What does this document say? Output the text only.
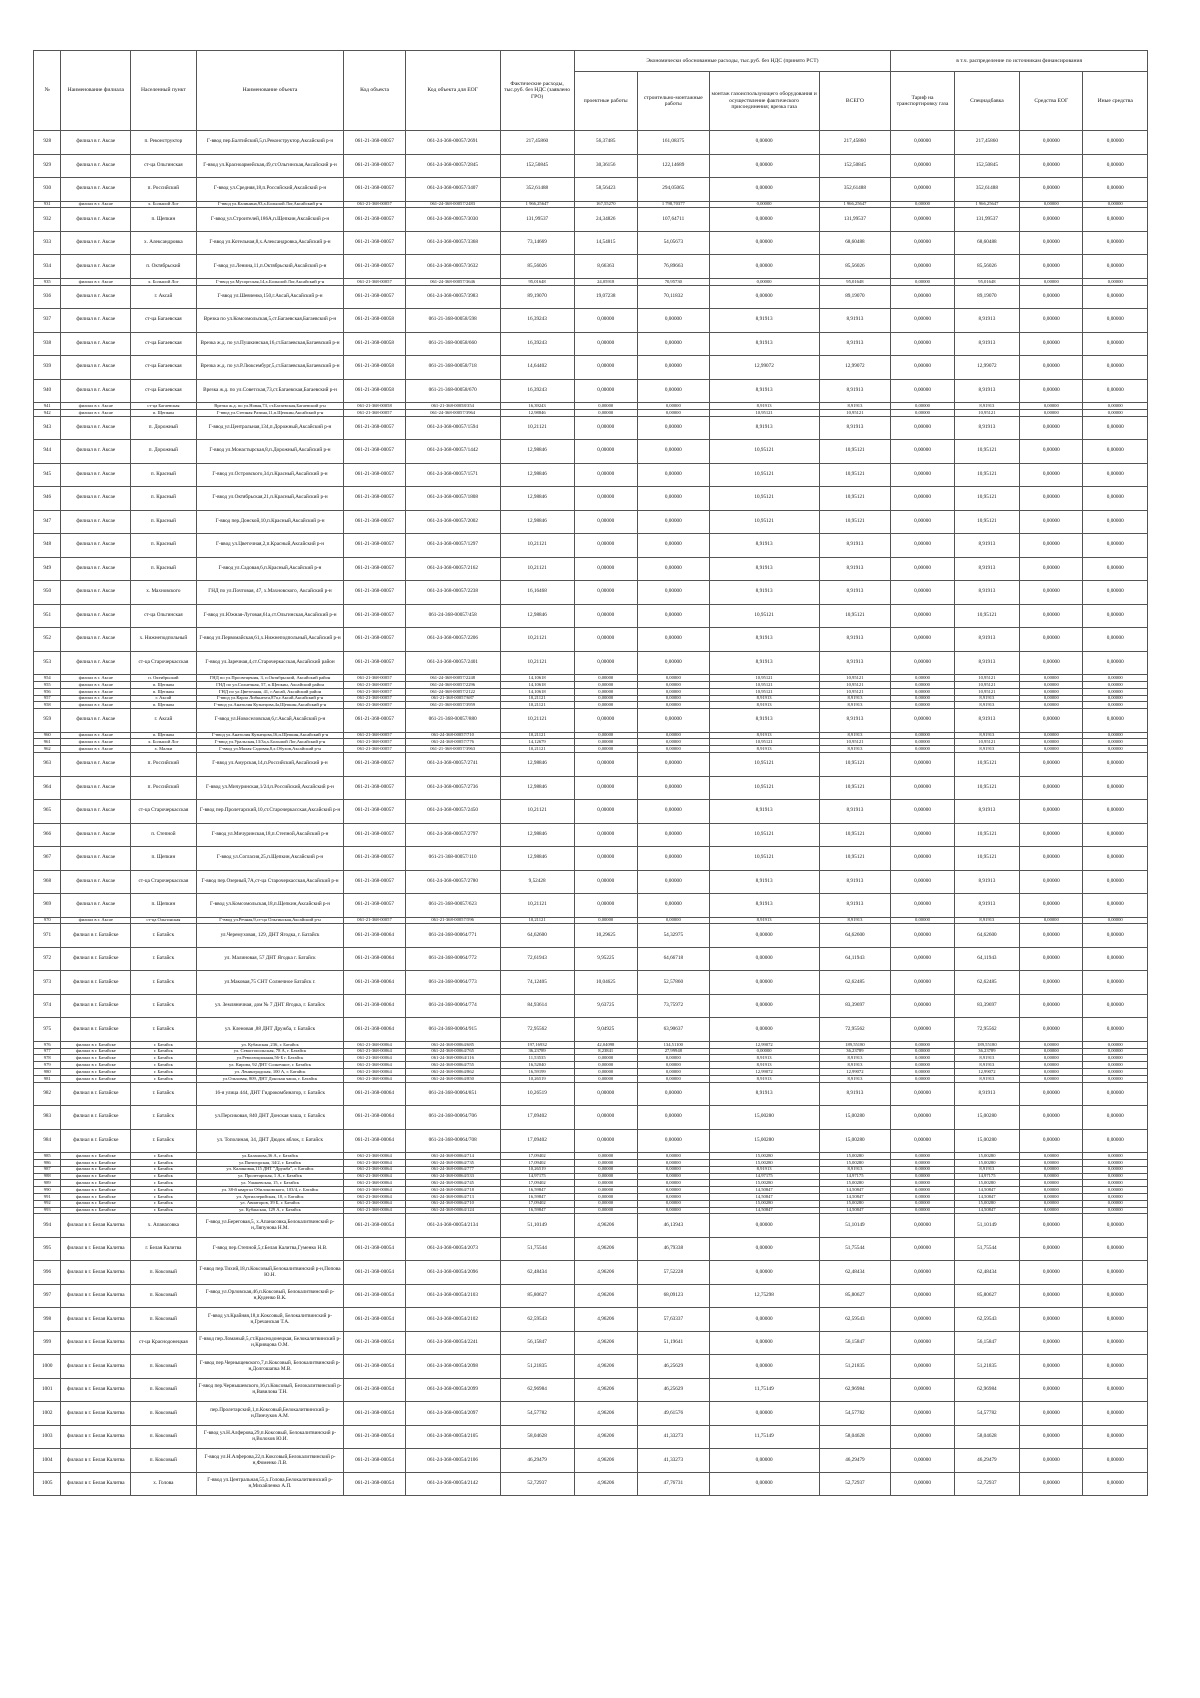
№	Наименование филиала	Населенный пункт	Наименование объекта	Код объекта	Код объекта для ЕОГ	Фактические расходы, тыс.руб. без НДС (заявлено ГРО)	Экономически обоснованные расходы, тыс.руб. без НДС (принято РСТ)				в т.ч. распределение по источникам финансирования			
							проектные работы	строительно-монтажные работы	монтаж газоиспользующего оборудования и осуществление фактического присоединения; врезка газа	ВСЕГО	Тариф на транспортировку газа	Спецнадбавка	Средства ЕОГ	Иные средства
928	филиал в г. Аксае	п. Реконструктор	Г-ввод пер.Балтийский,5,п.Реконструктор,Аксайский р-н	061-21-368-00057	061-24-368-00057/2691	217,45860	56,37485	161,08375	0,00000	217,45860	0,00000	217,45860	0,00000	0,00000
929	филиал в г. Аксае	ст-ца Ольгинская	Г-ввод ул.Красноармейская,49,ст.Ольгинская,Аксайский р-н	061-21-368-00057	061-24-368-00057/2845	152,50845	30,36156	122,14689	0,00000	152,50845	0,00000	152,50845	0,00000	0,00000
930	филиал в г. Аксае	п. Российский	Г-ввод ул.Средняя,18,п.Российский,Аксайский р-н	061-21-368-00057	061-24-368-00057/3407	352,61488	58,56423	294,05065	0,00000	352,61488	0,00000	352,61488	0,00000	0,00000
931	филиал в г. Аксае	х. Большой Лог	Г-ввод ул.Калинина,93,х.Большой Лог,Аксайский р-н	061-21-368-00057	061-24-368-00057/2483	1 966,25647	167,55270	1 798,70377	0,00000	1 966,25647	0,00000	1 966,25647	0,00000	0,00000
932	филиал в г. Аксае	п. Щепкин	Г-ввод ул.Строителей,186А,п.Щепкин,Аксайский р-н	061-21-368-00057	061-24-368-00057/3030	131,99537	24,34826	107,64711	0,00000	131,99537	0,00000	131,99537	0,00000	0,00000
933	филиал в г. Аксае	х. Александровка	Г-ввод ул.Котельная,8,х.Александровка,Аксайский р-н	061-21-368-00057	061-24-368-00057/3368	73,14669	14,54815	54,05673	0,00000	68,60488	0,00000	68,60488	0,00000	0,00000
934	филиал в г. Аксае	п. Октябрьский	Г-ввод ул.Ленина,11,п.Октябрьский,Аксайский р-н	061-21-368-00057	061-24-368-00057/3632	85,56026	8,66363	76,89663	0,00000	85,56026	0,00000	85,56026	0,00000	0,00000
935	филиал в г. Аксае	х. Большой Лог	Г-ввод ул.Мусоргская,14,х.Большой Лог,Аксайский р-н	061-21-368-00057	061-24-368-00057/3646	95,01648	24,05918	70,95730	0,00000	95,01648	0,00000	95,01648	0,00000	0,00000
936	филиал в г. Аксае	г. Аксай	Г-ввод ул.Шевченко,150,г.Аксай,Аксайский р-н	061-21-368-00057	061-24-368-00057/3983	89,19070	19,07238	70,11832	0,00000	89,19070	0,00000	89,19070	0,00000	0,00000
937	филиал в г. Аксае	ст-ца Багаевская	Врезка по ул.Комсомольская,5,ст.Багаевская,Багаевский р-н	061-21-368-00058	061-21-368-00058/598	16,39243	0,00000	0,00000	8,91913	8,91913	0,00000	8,91913	0,00000	0,00000
938	филиал в г. Аксае	ст-ца Багаевская	Врезка ж.д. по ул.Пушкинская,16,ст.Багаевская,Багаевский р-н	061-21-368-00058	061-21-368-00058/660	16,39243	0,00000	0,00000	8,91913	8,91913	0,00000	8,91913	0,00000	0,00000
939	филиал в г. Аксае	ст-ца Багаевская	Врезка ж.д. по ул.Р.Люксембург,5,ст.Багаевская,Багаевский р-н	061-21-368-00058	061-21-368-00058/718	14,64402	0,00000	0,00000	12,99072	12,99072	0,00000	12,99072	0,00000	0,00000
940	филиал в г. Аксае	ст-ца Багаевская	Врезка ж.д. по ул.Советская,73,ст.Багаевская,Багаевский р-н	061-21-368-00058	061-21-368-00058/670	16,39243	0,00000	0,00000	8,91913	8,91913	0,00000	8,91913	0,00000	0,00000
941	филиал в г. Аксае	ст-ца Багаевская	Врезка ж.д. по ул.Новая,73, ст.Багаевская,Багаевский р-н	061-21-368-00058	061-21-368-00058/354	16,39243	0,00000	0,00000	8,91913	8,91913	0,00000	8,91913	0,00000	0,00000
942	филиал в г. Аксае	п. Щепкин	Г-ввод ул.Степная Разина,11,п.Щепкин,Аксайский р-н	061-21-368-00057	061-24-368-00057/3964	12,98846	0,00000	0,00000	10,95121	10,95121	0,00000	10,95121	0,00000	0,00000
943	филиал в г. Аксае	п. Дорожный	Г-ввод ул.Центральная,134,п.Дорожный,Аксайский р-н	061-21-368-00057	061-24-368-00057/1594	10,21121	0,00000	0,00000	8,91913	8,91913	0,00000	8,91913	0,00000	0,00000
944	филиал в г. Аксае	п. Дорожный	Г-ввод ул.Монастырская,8,п.Дорожный,Аксайский р-н	061-21-368-00057	061-24-368-00057/1442	12,98846	0,00000	0,00000	10,95121	10,95121	0,00000	10,95121	0,00000	0,00000
945	филиал в г. Аксае	п. Красный	Г-ввод ул.Островского,34,п.Красный,Аксайский р-н	061-21-368-00057	061-24-368-00057/1571	12,98846	0,00000	0,00000	10,95121	10,95121	0,00000	10,95121	0,00000	0,00000
946	филиал в г. Аксае	п. Красный	Г-ввод ул.Октябрьская,21,п.Красный,Аксайский р-н	061-21-368-00057	061-24-368-00057/1808	12,98846	0,00000	0,00000	10,95121	10,95121	0,00000	10,95121	0,00000	0,00000
947	филиал в г. Аксае	п. Красный	Г-ввод пер.Донской,10,п.Красный,Аксайский р-н	061-21-368-00057	061-24-368-00057/2002	12,98846	0,00000	0,00000	10,95121	10,95121	0,00000	10,95121	0,00000	0,00000
948	филиал в г. Аксае	п. Красный	Г-ввод ул.Цветочная,2,п.Красный,Аксайский р-н	061-21-368-00057	061-24-368-00057/1297	10,21121	0,00000	0,00000	8,91913	8,91913	0,00000	8,91913	0,00000	0,00000
949	филиал в г. Аксае	п. Красный	Г-ввод ул.Садовая,6,п.Красный,Аксайский р-н	061-21-368-00057	061-24-368-00057/2162	10,21121	0,00000	0,00000	8,91913	8,91913	0,00000	8,91913	0,00000	0,00000
950	филиал в г. Аксае	х. Махновского	ГНД по ул.Почтовая, 47, х.Махновского, Аксайский р-н	061-21-368-00057	061-24-368-00057/2238	16,16468	0,00000	0,00000	8,91913	8,91913	0,00000	8,91913	0,00000	0,00000
951	филиал в г. Аксае	ст-ца Ольгинская	Г-ввод ул.Южная-Луговая,61а,ст.Ольгинская,Аксайский р-н	061-21-368-00057	061-24-368-00057/458	12,98846	0,00000	0,00000	10,95121	10,95121	0,00000	10,95121	0,00000	0,00000
952	филиал в г. Аксае	х. Нижнеподпольный	Г-ввод ул.Первомайская,61,х.Нижнеподпольный,Аксайский р-н	061-21-368-00057	061-24-368-00057/2206	10,21121	0,00000	0,00000	8,91913	8,91913	0,00000	8,91913	0,00000	0,00000
953	филиал в г. Аксае	ст-ца Старочеркасская	Г-ввод ул.Заречная,4,ст.Старочеркасская,Аксайский район	061-21-368-00057	061-24-368-00057/2401	10,21121	0,00000	0,00000	8,91913	8,91913	0,00000	8,91913	0,00000	0,00000
954	филиал в г. Аксае	п. Октябрьский	ГНД по ул.Просвещения, 3, п.Октябрьский, Аксайский район	061-21-368-00057	061-24-368-00057/2248	14,10618	0,00000	0,00000	10,95121	10,95121	0,00000	10,95121	0,00000	0,00000
955	филиал в г. Аксае	п. Щепкин	ГНД по ул.Солнечная, 57, п.Щепкин, Аксайский район	061-21-368-00057	061-24-368-00057/2296	14,10618	0,00000	0,00000	10,95121	10,95121	0,00000	10,95121	0,00000	0,00000
956	филиал в г. Аксае	п. Щепкин	ГНД по ул.Цветочная, 41, г.Аксай, Аксайский район	061-21-368-00057	061-24-368-00057/2122	14,10618	0,00000	0,00000	10,95121	10,95121	0,00000	10,95121	0,00000	0,00000
957	филиал в г. Аксае	г. Аксай	Г-ввод ул.Карла Либкнехта,87а,г.Аксай,Аксайский р-н	061-21-368-00057	061-21-368-00057/687	10,21121	0,00000	0,00000	8,91913	8,91913	0,00000	8,91913	0,00000	0,00000
958	филиал в г. Аксае	п. Щепкин	Г-ввод ул.Анатолия Кузнецова,4а,Щепкин,Аксайский р-н	061-21-368-00057	061-21-368-00057/3959	10,21121	0,00000	0,00000	8,91913	8,91913	0,00000	8,91913	0,00000	0,00000
959	филиал в г. Аксае	г. Аксай	Г-ввод ул.Новоселовская,6,г.Аксай,Аксайский р-н	061-21-368-00057	061-21-368-00057/880	10,21121	0,00000	0,00000	8,91913	8,91913	0,00000	8,91913	0,00000	0,00000
960	филиал в г. Аксае	п. Щепкин	Г-ввод ул.Анатолия Кузнецова,16,п.Щепкин,Аксайский р-н	061-21-368-00057	061-24-368-00057/710	10,21121	0,00000	0,00000	8,91913	8,91913	0,00000	8,91913	0,00000	0,00000
961	филиал в г. Аксае	х. Большой Лог	Г-ввод ул.Уральская,13/3а,х.Большой Лог,Аксайский р-н	061-21-368-00057	061-24-368-00057/776	14,12679	0,00000	0,00000	10,95121	10,95121	0,00000	10,95121	0,00000	0,00000
962	филиал в г. Аксае	х. Малки	Г-ввод ул.Малая Садовая,8,х.Обухов,Аксайский р-н	061-21-368-00057	061-21-368-00057/3963	10,21121	0,00000	0,00000	8,91913	8,91913	0,00000	8,91913	0,00000	0,00000
963	филиал в г. Аксае	п. Российский	Г-ввод ул.Амурская,14,п.Российский,Аксайский р-н	061-21-368-00057	061-24-368-00057/2741	12,98846	0,00000	0,00000	10,95121	10,95121	0,00000	10,95121	0,00000	0,00000
964	филиал в г. Аксае	п. Российский	Г-ввод ул.Мичуринская,1/24,п.Российский,Аксайский р-н	061-21-368-00057	061-24-368-00057/2736	12,98846	0,00000	0,00000	10,95121	10,95121	0,00000	10,95121	0,00000	0,00000
965	филиал в г. Аксае	ст-ца Старочеркасская	Г-ввод пер.Пролетарский,10,ст.Старочеркасская,Аксайский р-н	061-21-368-00057	061-24-368-00057/2450	10,21121	0,00000	0,00000	8,91913	8,91913	0,00000	8,91913	0,00000	0,00000
966	филиал в г. Аксае	п. Степной	Г-ввод ул.Мичуринская,18,п.Степной,Аксайский р-н	061-21-368-00057	061-24-368-00057/2797	12,98846	0,00000	0,00000	10,95121	10,95121	0,00000	10,95121	0,00000	0,00000
967	филиал в г. Аксае	п. Щепкин	Г-ввод ул.Согласия,25,п.Щепкин,Аксайский р-н	061-21-368-00057	061-21-368-00057/110	12,98846	0,00000	0,00000	10,95121	10,95121	0,00000	10,95121	0,00000	0,00000
968	филиал в г. Аксае	ст-ца Старочеркасская	Г-ввод пер.Озерный,7А,ст-ца Старочеркасская,Аксайский р-н	061-21-368-00057	061-24-368-00057/2780	9,52428	0,00000	0,00000	8,91913	8,91913	0,00000	8,91913	0,00000	0,00000
969	филиал в г. Аксае	п. Щепкин	Г-ввод ул.Комсомольская,18,п.Щепкин,Аксайский р-н	061-21-368-00057	061-21-368-00057/623	10,21121	0,00000	0,00000	8,91913	8,91913	0,00000	8,91913	0,00000	0,00000
970	филиал в г. Аксае	ст-ца Ольгинская	Г-ввод ул.Речная,9,ст-ца Ольгинская,Аксайский р-н	061-21-368-00057	061-21-368-00057/596	10,21121	0,00000	0,00000	8,91913	8,91913	0,00000	8,91913	0,00000	0,00000
971	филиал в г. Батайске	г. Батайск	ул.Черемуховая, 129, ДНТ Ягодка, г. Батайск	061-21-368-00064	061-24-368-00064/771	64,62600	10,29625	54,32975	0,00000	64,62600	0,00000	64,62600	0,00000	0,00000
972	филиал в г. Батайске	г. Батайск	ул. Малиновая, 57 ДНТ Ягодка г. Батайск	061-21-368-00064	061-24-368-00064/772	72,61943	9,95225	64,66718	0,00000	64,11943	0,00000	64,11943	0,00000	0,00000
973	филиал в г. Батайске	г. Батайск	ул.Маковая,75 СНТ Солнечное Батайск г.	061-21-368-00064	061-24-368-00064/773	74,12405	10,04625	52,57860	0,00000	62,62485	0,00000	62,62485	0,00000	0,00000
974	филиал в г. Батайске	г. Батайск	ул. Земляничная, дом № 7 ДНТ Ягодка, г. Батайск	061-21-368-00064	061-24-368-00064/774	84,93614	9,63725	73,75972	0,00000	83,39697	0,00000	83,39697	0,00000	0,00000
975	филиал в г. Батайске	г. Батайск	ул. Кленовая ,88 ДНТ Дружба, г. Батайск	061-21-368-00064	061-24-368-00064/915	72,95562	9,04925	63,90637	0,00000	72,95562	0,00000	72,95562	0,00000	0,00000
976	филиал в г. Батайске	г. Батайск	ул. Кубанская ,236, г. Батайск	061-21-368-00064	061-24-368-00064/685	197,16932	42,04098	134,51100	12,99072	189,55180	0,00000	189,55180	0,00000	0,00000
977	филиал в г. Батайске	г. Батайск	ул. Севастопольская, 78 А, г. Батайск	061-21-368-00064	061-24-368-00064/765	36,23789	8,23841	27,99948	0,00000	36,23789	0,00000	36,23789	0,00000	0,00000
978	филиал в г. Батайске	г. Батайск	ул.Революционная,56-Б г. Батайск	061-21-368-00064	061-24-368-00064/116	11,53535	0,00000	0,00000	8,91913	8,91913	0,00000	8,91913	0,00000	0,00000
979	филиал в г. Батайске	г. Батайск	ул. Кирова, 92 ДНТ Солнечное, г. Батайск	061-21-368-00064	061-24-368-00064/755	16,52040	0,00000	0,00000	8,91913	8,91913	0,00000	8,91913	0,00000	0,00000
980	филиал в г. Батайске	г. Батайск	ул. Ленинградская, 100 А, г. Батайск	061-21-368-00064	061-24-368-00064/862	16,59199	0,00000	0,00000	12,99072	12,99072	0,00000	12,99072	0,00000	0,00000
981	филиал в г. Батайске	г. Батайск	ул.Ольховая, 809, ДНТ Донская чаша, г. Батайск	061-21-368-00064	061-24-368-00064/850	10,26519	0,00000	0,00000	8,91913	8,91913	0,00000	8,91913	0,00000	0,00000
982	филиал в г. Батайске	г. Батайск	16-я улица 444, ДНТ Гидрокомбинатор, г. Батайск	061-21-368-00064	061-24-368-00064/851	10,26519	0,00000	0,00000	8,91913	8,91913	0,00000	8,91913	0,00000	0,00000
983	филиал в г. Батайске	г. Батайск	ул.Персиковая, 840 ДНТ Донская чаша, г. Батайск	061-21-368-00064	061-24-368-00064/706	17,09402	0,00000	0,00000	15,00280	15,00280	0,00000	15,00280	0,00000	0,00000
984	филиал в г. Батайске	г. Батайск	ул. Тополиная, 34, ДНТ Дюдок яблок, г. Батайск	061-21-368-00064	061-24-368-00064/708	17,09402	0,00000	0,00000	15,00280	15,00280	0,00000	15,00280	0,00000	0,00000
985	филиал в г. Батайске	г. Батайск	ул.Балашова,36 А, г. Батайск	061-21-368-00064	061-24-368-00064/714	17,09402	0,00000	0,00000	15,00280	15,00280	0,00000	15,00280	0,00000	0,00000
986	филиал в г. Батайске	г. Батайск	ул.Пятигорская, 34/2, г. Батайск	061-21-368-00064	061-24-368-00064/735	17,09402	0,00000	0,00000	15,00280	15,00280	0,00000	15,00280	0,00000	0,00000
987	филиал в г. Батайске	г. Батайск	ул. Калиновая,115 ДНТ "Дружба", г. Батайск	061-21-368-00064	061-24-368-00064/777	10,26519	0,00000	0,00000	8,91913	8,91913	0,00000	8,91913	0,00000	0,00000
988	филиал в г. Батайске	г. Батайск	ул. Пролетарская, 1 А, г. Батайск	061-21-368-00064	061-24-368-00064/533	14,97175	0,00000	0,00000	14,97175	14,97175	0,00000	14,97175	0,00000	0,00000
989	филиал в г. Батайске	г. Батайск	ул. Ушакевская, 15, г. Батайск	061-21-368-00064	061-24-368-00064/745	17,09402	0,00000	0,00000	15,00280	15,00280	0,00000	15,00280	0,00000	0,00000
990	филиал в г. Батайске	г. Батайск	ул. 38-й квартал Обилоновского, 103/4, г. Батайск	061-21-368-00064	061-24-368-00064/718	16,59847	0,00000	0,00000	14,50847	14,50847	0,00000	14,50847	0,00000	0,00000
991	филиал в г. Батайске	г. Батайск	ул. Артиллерийская, 10, г. Батайск	061-21-368-00064	061-24-368-00064/713	16,59847	0,00000	0,00000	14,50847	14,50847	0,00000	14,50847	0,00000	0,00000
992	филиал в г. Батайске	г. Батайск	ул. Авиаторов, 39 Б, г. Батайск	061-21-368-00064	061-24-368-00064/710	17,09402	0,00000	0,00000	15,00280	15,00280	0,00000	15,00280	0,00000	0,00000
993	филиал в г. Батайске	г. Батайск	ул. Кубанская, 129 А, г. Батайск	061-21-368-00064	061-24-368-00064/124	16,59847	0,00000	0,00000	14,50847	14,50847	0,00000	14,50847	0,00000	0,00000
994	филиал в г. Белая Калитва	х. Апанасовка	Г-ввод ул.Береговая,5, х.Апанасовка,Белокалитвинский р-н,Ляпунова Н.М.	061-21-368-00054	061-24-368-00054/2134	51,10149	4,96206	46,13943	0,00000	51,10149	0,00000	51,10149	0,00000	0,00000
995	филиал в г. Белая Калитва	г. Белая Калитва	Г-ввод пер.Степной,5,г.Белая Калитва,Гуменко Н.В.	061-21-368-00054	061-24-368-00054/2073	51,75544	4,96206	46,79338	0,00000	51,75544	0,00000	51,75544	0,00000	0,00000
996	филиал в г. Белая Калитва	п. Коксовый	Г-ввод пер.Тихий,18,п.Коксовый,Белокалитвинский р-н,Попова Ю.Н.	061-21-368-00054	061-24-368-00054/2096	62,48434	4,96206	57,52228	0,00000	62,48434	0,00000	62,48434	0,00000	0,00000
997	филиал в г. Белая Калитва	п. Коксовый	Г-ввод ул.Орловская,46,п.Коксовый, Белокалитвинский р-н,Куденко В.К.	061-21-368-00054	061-24-368-00054/2103	85,80627	4,96206	68,09123	12,75298	85,80627	0,00000	85,80627	0,00000	0,00000
998	филиал в г. Белая Калитва	п. Коксовый	Г-ввод ул.Крайняя,18,п.Коксовый, Белокалитвинский р-н,Гречанская Т.А.	061-21-368-00054	061-24-368-00054/2102	62,59543	4,96206	57,63337	0,00000	62,59543	0,00000	62,59543	0,00000	0,00000
999	филиал в г. Белая Калитва	ст-ца Краснодонецкая	Г-ввод пер.Ломаный,5,ст.Краснодонецкая, Белокалитвинский р-н,Кривцова О.М.	061-21-368-00054	061-24-368-00054/2241	56,15847	4,96206	51,19641	0,00000	56,15847	0,00000	56,15847	0,00000	0,00000
1000	филиал в г. Белая Калитва	п. Коксовый	Г-ввод пер.Черныщевского,7,п.Коксовый, Белокалитвинский р-н,Долгошапка М.В.	061-21-368-00054	061-24-368-00054/2098	51,21835	4,96206	46,25629	0,00000	51,21835	0,00000	51,21835	0,00000	0,00000
1001	филиал в г. Белая Калитва	п. Коксовый	Г-ввод пер.Чернышевского,16,п.Коксовый, Белокалитвинский р-н,Вавилова Т.Н.	061-21-368-00054	061-24-368-00054/2099	62,96984	4,96206	46,25629	11,75149	62,96984	0,00000	62,96984	0,00000	0,00000
1002	филиал в г. Белая Калитва	п. Коксовый	пер.Пролетарский,1,п.Коксовый,Белокалитвинский р-н,Пинчуков А.М.	061-21-368-00054	061-24-368-00054/2097	54,57782	4,96206	49,61576	0,00000	54,57782	0,00000	54,57782	0,00000	0,00000
1003	филиал в г. Белая Калитва	п. Коксовый	Г-ввод ул.Н.Алферова,29,п.Коксовый, Белокалитвинский р-н,Волохов Ю.И.	061-21-368-00054	061-24-368-00054/2105	58,04628	4,96206	41,33273	11,75149	58,04628	0,00000	58,04628	0,00000	0,00000
1004	филиал в г. Белая Калитва	п. Коксовый	Г-ввод ул.Н.Алферова,22,п.Коксовый,Белокалитвинский р-н,Фоменко Л.В.	061-21-368-00054	061-24-368-00054/2106	46,29479	4,96206	41,33273	0,00000	46,29479	0,00000	46,29479	0,00000	0,00000
1005	филиал в г. Белая Калитва	х. Голова	Г-ввод ул.Центральная,55,х.Голова,Белокалитвинский р-н,Михайленко А.П.	061-21-368-00054	061-24-368-00054/2142	52,72937	4,96206	47,76731	0,00000	52,72937	0,00000	52,72937	0,00000	0,00000
